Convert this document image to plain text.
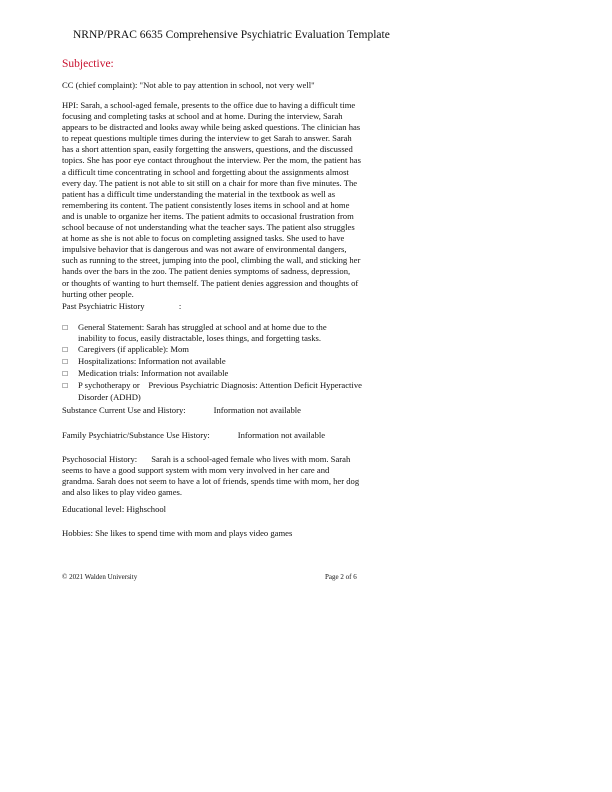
NRNP/PRAC 6635 Comprehensive Psychiatric Evaluation Template
Subjective:
CC (chief complaint): "Not able to pay attention in school, not very well"
HPI: Sarah, a school-aged female, presents to the office due to having a difficult time
focusing and completing tasks at school and at home. During the interview, Sarah
appears to be distracted and looks away while being asked questions. The clinician has
to repeat questions multiple times during the interview to get Sarah to answer. Sarah
has a short attention span, easily forgetting the answers, questions, and the discussed
topics. She has poor eye contact throughout the interview. Per the mom, the patient has
a difficult time concentrating in school and forgetting about the assignments almost
every day. The patient is not able to sit still on a chair for more than five minutes. The
patient has a difficult time understanding the material in the textbook as well as
remembering its content. The patient consistently loses items in school and at home
and is unable to organize her items. The patient admits to occasional frustration from
school because of not understanding what the teacher says. The patient also struggles
at home as she is not able to focus on completing assigned tasks. She used to have
impulsive behavior that is dangerous and was not aware of environmental dangers,
such as running to the street, jumping into the pool, climbing the wall, and sticking her
hands over the bars in the zoo. The patient denies symptoms of sadness, depression,
or thoughts of wanting to hurt themself. The patient denies aggression and thoughts of
hurting other people.
Past Psychiatric History	:
☐	General Statement: Sarah has struggled at school and at home due to the
inability to focus, easily distractable, loses things, and forgetting tasks.
☐	Caregivers (if applicable): Mom
☐	Hospitalizations: Information not available
☐	Medication trials: Information not available
☐	P sychotherapy or    Previous Psychiatric Diagnosis: Attention Deficit Hyperactive
Disorder (ADHD)
Substance Current Use and History:	Information not available
Family Psychiatric/Substance Use History:	Information not available
Psychosocial History: Sarah is a school-aged female who lives with mom. Sarah
seems to have a good support system with mom very involved in her care and
grandma. Sarah does not seem to have a lot of friends, spends time with mom, her dog
and also likes to play video games.
Educational level: Highschool
Hobbies: She likes to spend time with mom and plays video games
© 2021 Walden University	Page 2 of 6
